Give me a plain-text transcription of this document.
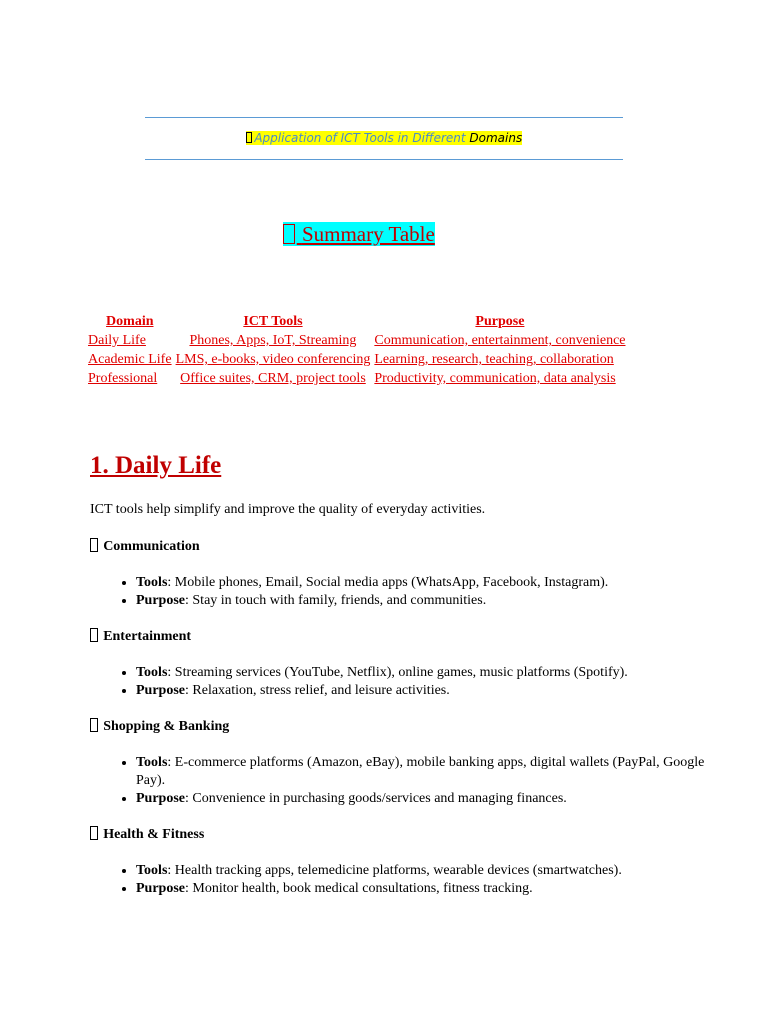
Application of ICT Tools in Different Domains
Summary Table
Domain	ICT Tools	Purpose
Daily Life	Phones, Apps, IoT, Streaming	Communication, entertainment, convenience
Academic Life	LMS, e-books, video conferencing	Learning, research, teaching, collaboration
Professional	Office suites, CRM, project tools	Productivity, communication, data analysis
1. Daily Life
ICT tools help simplify and improve the quality of everyday activities.

Communication

• Tools: Mobile phones, Email, Social media apps (WhatsApp, Facebook, Instagram).
• Purpose: Stay in touch with family, friends, and communities.

Entertainment

• Tools: Streaming services (YouTube, Netflix), online games, music platforms (Spotify).
• Purpose: Relaxation, stress relief, and leisure activities.

Shopping & Banking

• Tools: E-commerce platforms (Amazon, eBay), mobile banking apps, digital wallets (PayPal, Google Pay).
• Purpose: Convenience in purchasing goods/services and managing finances.

Health & Fitness

• Tools: Health tracking apps, telemedicine platforms, wearable devices (smartwatches).
• Purpose: Monitor health, book medical consultations, fitness tracking.
